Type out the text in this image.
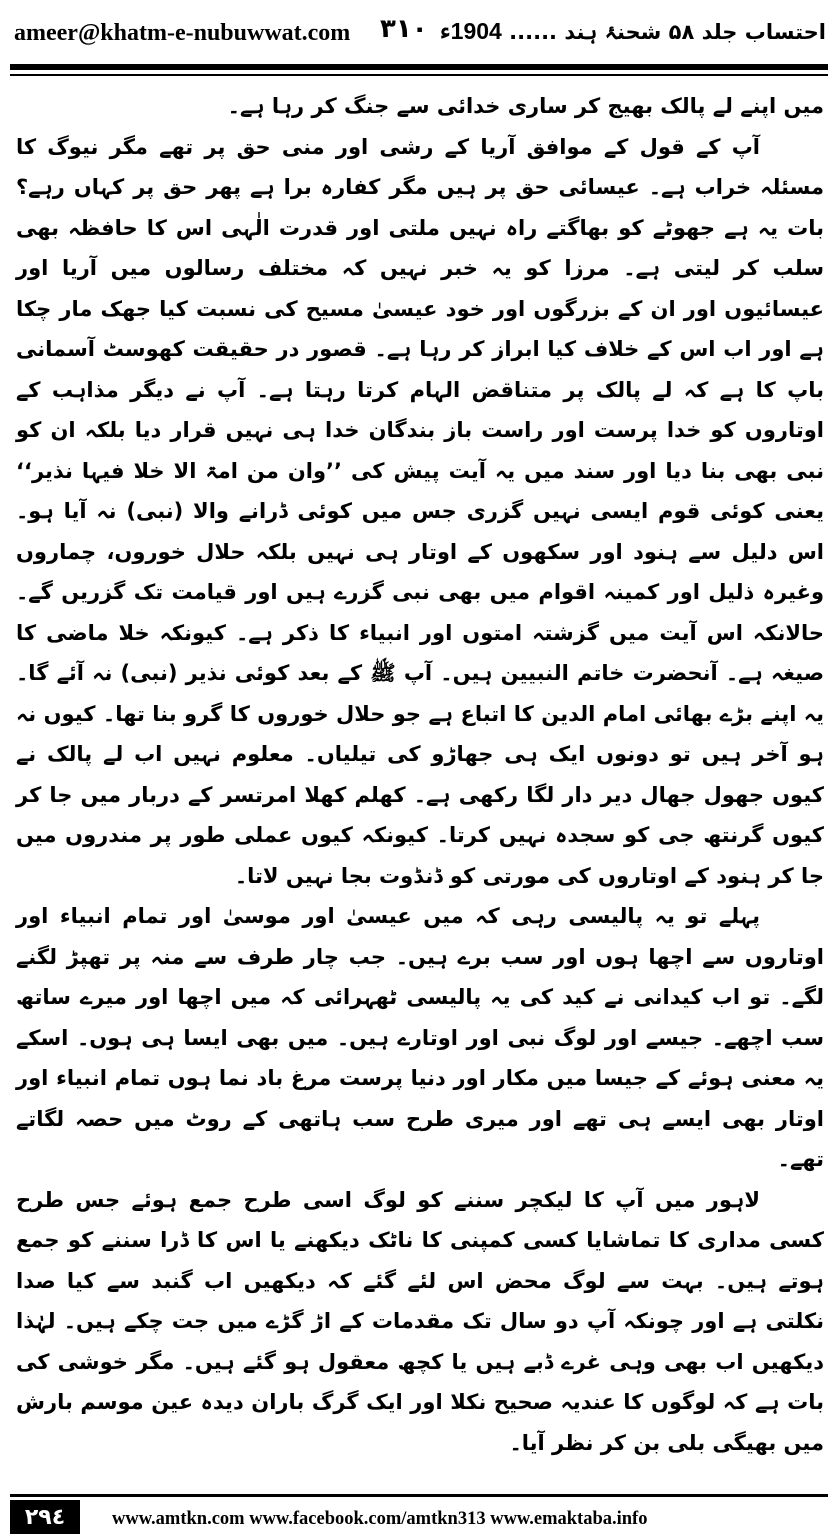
ameer@khatm-e-nubuwwat.com ٣١٠	احتساب جلد ۵۸ شحنۂ ہند ...... 1904ء

میں اپنے لے پالک بھیج کر ساری خدائی سے جنگ کر رہا ہے۔

آپ کے قول کے موافق آریا کے رشی اور منی حق پر تھے مگر نیوگ کا مسئلہ خراب ہے۔ عیسائی حق پر ہیں مگر کفارہ برا ہے پھر حق پر کہاں رہے؟ بات یہ ہے جھوٹے کو بھاگتے راہ نہیں ملتی اور قدرت الٰہی اس کا حافظہ بھی سلب کر لیتی ہے۔ مرزا کو یہ خبر نہیں کہ مختلف رسالوں میں آریا اور عیسائیوں اور ان کے بزرگوں اور خود عیسیٰ مسیح کی نسبت کیا جھک مار چکا ہے اور اب اس کے خلاف کیا ابراز کر رہا ہے۔ قصور در حقیقت کھوسٹ آسمانی باپ کا ہے کہ لے پالک پر متناقض الہام کرتا رہتا ہے۔ آپ نے دیگر مذاہب کے اوتاروں کو خدا پرست اور راست باز بندگان خدا ہی نہیں قرار دیا بلکہ ان کو نبی بھی بنا دیا اور سند میں یہ آیت پیش کی ’’وان من امۃ الا خلا فیہا نذیر‘‘ یعنی کوئی قوم ایسی نہیں گزری جس میں کوئی ڈرانے والا (نبی) نہ آیا ہو۔ اس دلیل سے ہنود اور سکھوں کے اوتار ہی نہیں بلکہ حلال خوروں، چماروں وغیرہ ذلیل اور کمینہ اقوام میں بھی نبی گزرے ہیں اور قیامت تک گزریں گے۔ حالانکہ اس آیت میں گزشتہ امتوں اور انبیاء کا ذکر ہے۔ کیونکہ خلا ماضی کا صیغہ ہے۔ آنحضرت خاتم النبیین ہیں۔ آپ ﷺ کے بعد کوئی نذیر (نبی) نہ آئے گا۔ یہ اپنے بڑے بھائی امام الدین کا اتباع ہے جو حلال خوروں کا گرو بنا تھا۔ کیوں نہ ہو آخر ہیں تو دونوں ایک ہی جھاڑو کی تیلیاں۔ معلوم نہیں اب لے پالک نے کیوں جھول جھال دیر دار لگا رکھی ہے۔ کھلم کھلا امرتسر کے دربار میں جا کر کیوں گرنتھ جی کو سجدہ نہیں کرتا۔ کیونکہ کیوں عملی طور پر مندروں میں جا کر ہنود کے اوتاروں کی مورتی کو ڈنڈوت بجا نہیں لاتا۔

پہلے تو یہ پالیسی رہی کہ میں عیسیٰ اور موسیٰ اور تمام انبیاء اور اوتاروں سے اچھا ہوں اور سب برے ہیں۔ جب چار طرف سے منہ پر تھپڑ لگنے لگے۔ تو اب کیدانی نے کید کی یہ پالیسی ٹھہرائی کہ میں اچھا اور میرے ساتھ سب اچھے۔ جیسے اور لوگ نبی اور اوتارے ہیں۔ میں بھی ایسا ہی ہوں۔ اسکے یہ معنی ہوئے کے جیسا میں مکار اور دنیا پرست مرغ باد نما ہوں تمام انبیاء اور اوتار بھی ایسے ہی تھے اور میری طرح سب ہاتھی کے روٹ میں حصہ لگاتے تھے۔

لاہور میں آپ کا لیکچر سننے کو لوگ اسی طرح جمع ہوئے جس طرح کسی مداری کا تماشایا کسی کمپنی کا ناٹک دیکھنے یا اس کا ڈرا سننے کو جمع ہوتے ہیں۔ بہت سے لوگ محض اس لئے گئے کہ دیکھیں اب گنبد سے کیا صدا نکلتی ہے اور چونکہ آپ دو سال تک مقدمات کے اڑ گڑے میں جت چکے ہیں۔ لہٰذا دیکھیں اب بھی وہی غرے ڈبے ہیں یا کچھ معقول ہو گئے ہیں۔ مگر خوشی کی بات ہے کہ لوگوں کا عندیہ صحیح نکلا اور ایک گرگ باران دیدہ عین موسم بارش میں بھیگی بلی بن کر نظر آیا۔

٢٩٤	www.amtkn.com www.facebook.com/amtkn313 www.emaktaba.info
